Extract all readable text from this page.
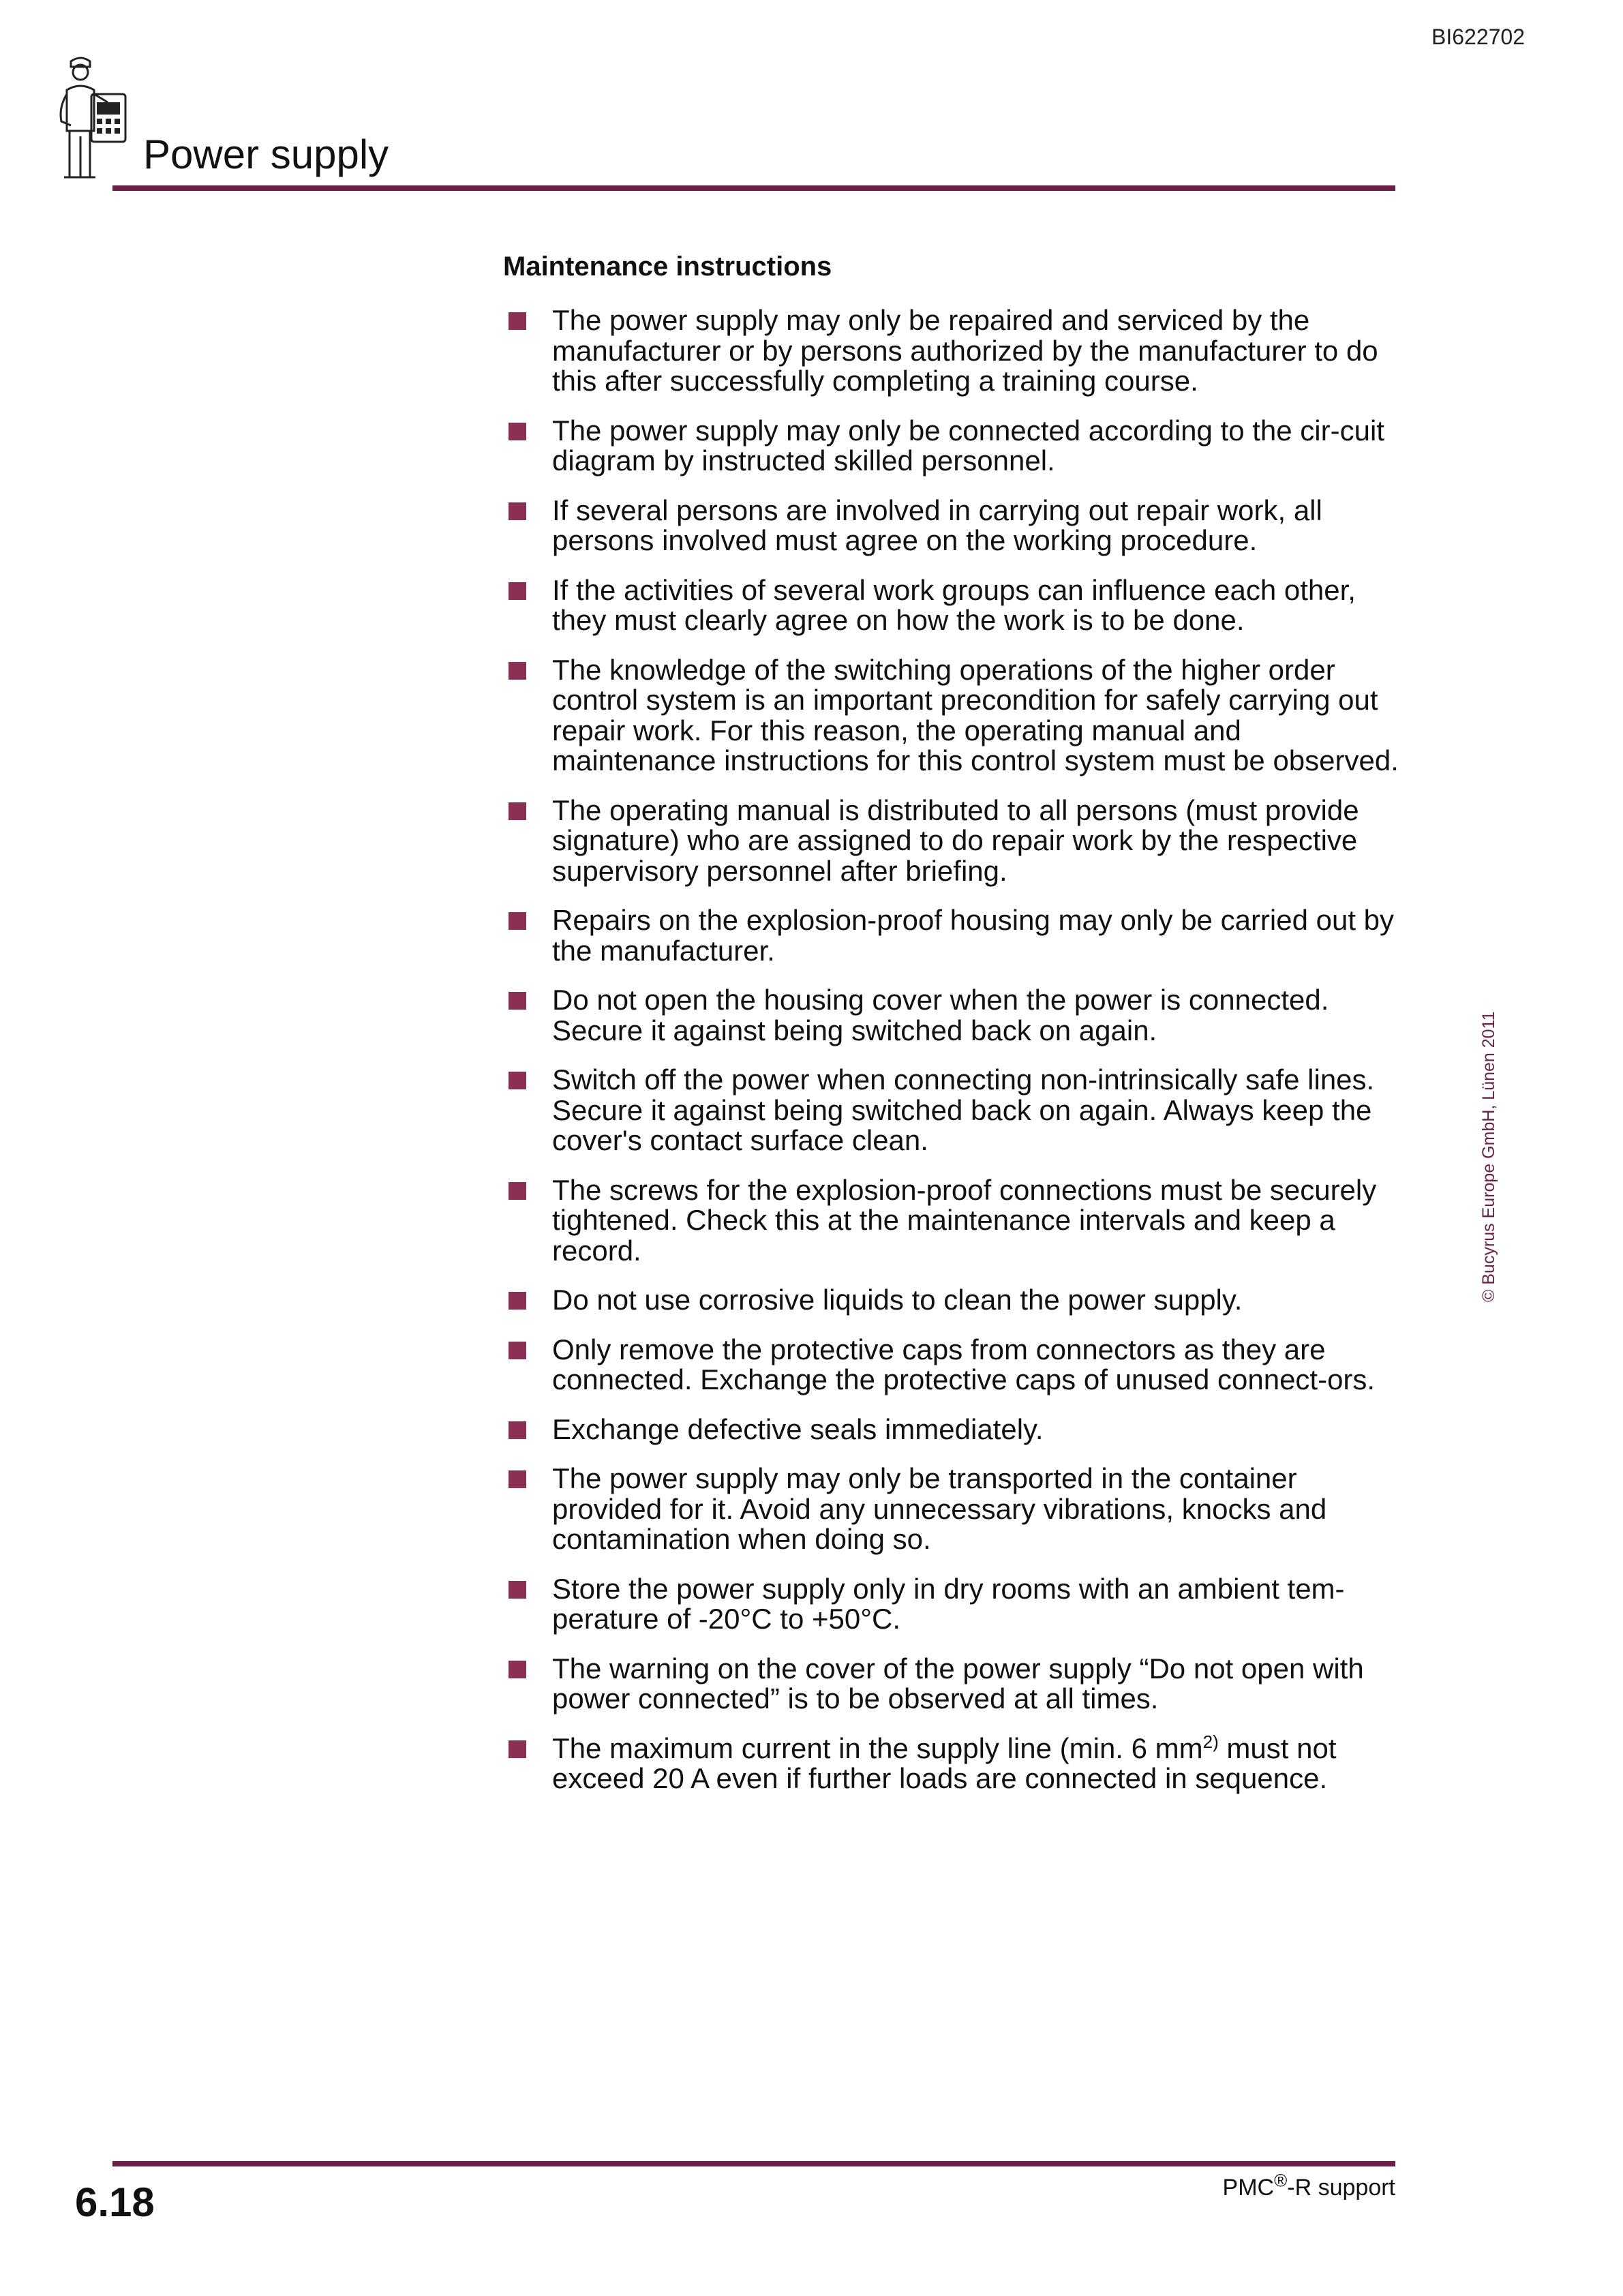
BI622702
Power supply
Maintenance instructions
The power supply may only be repaired and serviced by the manufacturer or by persons authorized by the manufacturer to do this after successfully completing a training course.
The power supply may only be connected according to the cir-cuit diagram by instructed skilled personnel.
If several persons are involved in carrying out repair work, all persons involved must agree on the working procedure.
If the activities of several work groups can influence each other, they must clearly agree on how the work is to be done.
The knowledge of the switching operations of the higher order control system is an important precondition for safely carrying out repair work. For this reason, the operating manual and maintenance instructions for this control system must be observed.
The operating manual is distributed to all persons (must provide signature) who are assigned to do repair work by the respective supervisory personnel after briefing.
Repairs on the explosion-proof housing may only be carried out by the manufacturer.
Do not open the housing cover when the power is connected. Secure it against being switched back on again.
Switch off the power when connecting non-intrinsically safe lines. Secure it against being switched back on again. Always keep the cover's contact surface clean.
The screws for the explosion-proof connections must be securely tightened. Check this at the maintenance intervals and keep a record.
Do not use corrosive liquids to clean the power supply.
Only remove the protective caps from connectors as they are connected. Exchange the protective caps of unused connect-ors.
Exchange defective seals immediately.
The power supply may only be transported in the container provided for it. Avoid any unnecessary vibrations, knocks and contamination when doing so.
Store the power supply only in dry rooms with an ambient tem-perature of -20°C to +50°C.
The warning on the cover of the power supply “Do not open with power connected” is to be observed at all times.
The maximum current in the supply line (min. 6 $mm^{2)}$ must not exceed 20 A even if further loads are connected in sequence.
© Bucyrus Europe GmbH, Lünen 2011
6.18	PMC®-R support
